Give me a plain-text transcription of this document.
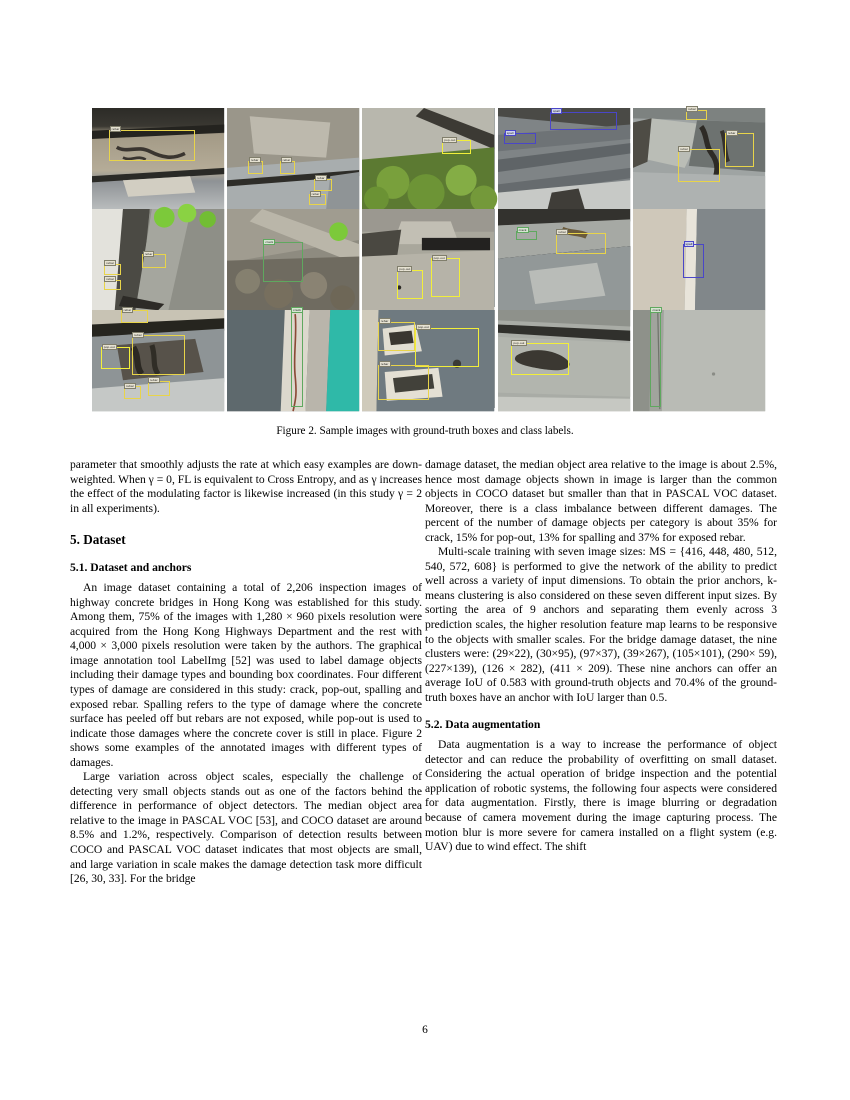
rebar
rebar	rebar
rebar
rebar
pop-out
spall
spall
rebar
rebar
rebar
rebar
rebar
rebar
crack
pop-out
pop-out
crack	rebar
spall
rebar
pop-out
rebar
rebar
rebar
crack
rebar
pop-out
rebar
pop-out
crack
Figure 2. Sample images with ground-truth boxes and class labels.

parameter that smoothly adjusts the rate at which easy examples are down-weighted. When γ = 0, FL is equivalent to Cross Entropy, and as γ increases the effect of the modulating factor is likewise increased (in this study γ = 2 in all experiments).

5. Dataset
5.1. Dataset and anchors

An image dataset containing a total of 2,206 inspection images of highway concrete bridges in Hong Kong was established for this study. Among them, 75% of the images with 1,280 × 960 pixels resolution were acquired from the Hong Kong Highways Department and the rest with 4,000 × 3,000 pixels resolution were taken by the authors. The graphical image annotation tool LabelImg [52] was used to label damage objects including their damage types and bounding box coordinates. Four different types of damage are considered in this study: crack, pop-out, spalling and exposed rebar. Spalling refers to the type of damage where the concrete surface has peeled off but rebars are not exposed, while pop-out is used to indicate those damages where the concrete cover is still in place. Figure 2 shows some examples of the annotated images with different types of damages.

Large variation across object scales, especially the challenge of detecting very small objects stands out as one of the factors behind the difference in performance of object detectors. The median object area relative to the image in PASCAL VOC [53], and COCO dataset are around 8.5% and 1.2%, respectively. Comparison of detection results between COCO and PASCAL VOC dataset indicates that most objects are small, and large variation in scale makes the damage detection task more difficult [26, 30, 33]. For the bridge

damage dataset, the median object area relative to the image is about 2.5%, hence most damage objects shown in image is larger than the common objects in COCO dataset but smaller than that in PASCAL VOC dataset. Moreover, there is a class imbalance between different damages. The percent of the number of damage objects per category is about 35% for crack, 15% for pop-out, 13% for spalling and 37% for exposed rebar.

Multi-scale training with seven image sizes: MS = {416, 448, 480, 512, 540, 572, 608} is performed to give the network of the ability to predict well across a variety of input dimensions. To obtain the prior anchors, k-means clustering is also considered on these seven different input sizes. By sorting the area of 9 anchors and separating them evenly across 3 prediction scales, the higher resolution feature map learns to be responsive to the objects with smaller scales. For the bridge damage dataset, the nine clusters were: (29×22), (30×95), (97×37), (39×267), (105×101), (290× 59), (227×139), (126 × 282), (411 × 209). These nine anchors can offer an average IoU of 0.583 with ground-truth objects and 70.4% of the ground-truth boxes have an anchor with IoU larger than 0.5.

5.2. Data augmentation

Data augmentation is a way to increase the performance of object detector and can reduce the probability of overfitting on small dataset. Considering the actual operation of bridge inspection and the potential application of robotic systems, the following four aspects were considered for data augmentation. Firstly, there is image blurring or degradation because of camera movement during the image capturing process. The motion blur is more severe for camera installed on a flight system (e.g. UAV) due to wind effect. The shift

6
